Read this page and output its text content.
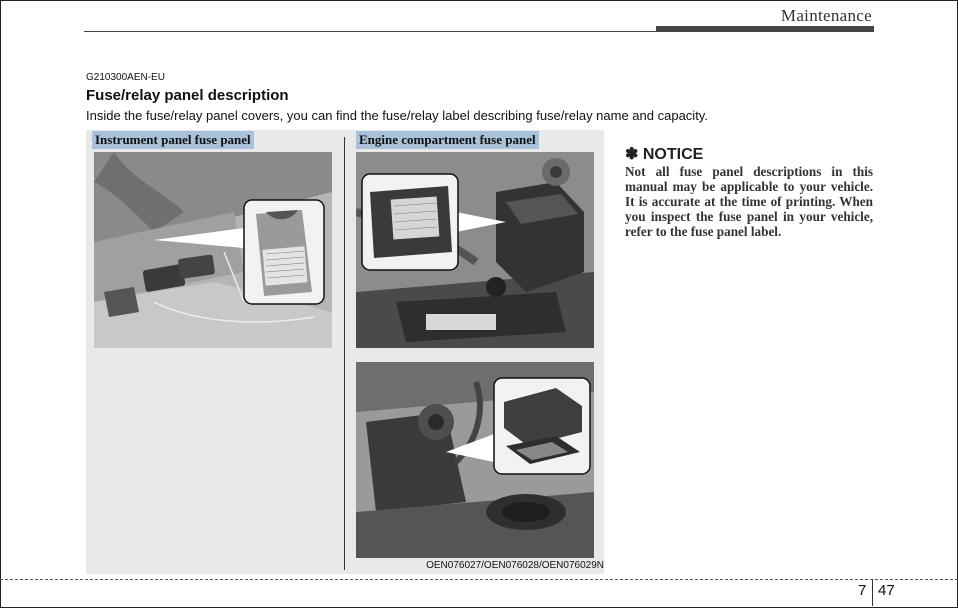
Maintenance
G210300AEN-EU
Fuse/relay panel description
Inside the fuse/relay panel covers, you can find the fuse/relay label describing fuse/relay name and capacity.
Instrument panel fuse panel	Engine compartment fuse panel
OEN076027/OEN076028/OEN076029N
✽ NOTICE
Not all fuse panel descriptions in this manual may be applicable to your vehicle. It is accurate at the time of printing. When you inspect the fuse panel in your vehicle, refer to the fuse panel label.
7 47
